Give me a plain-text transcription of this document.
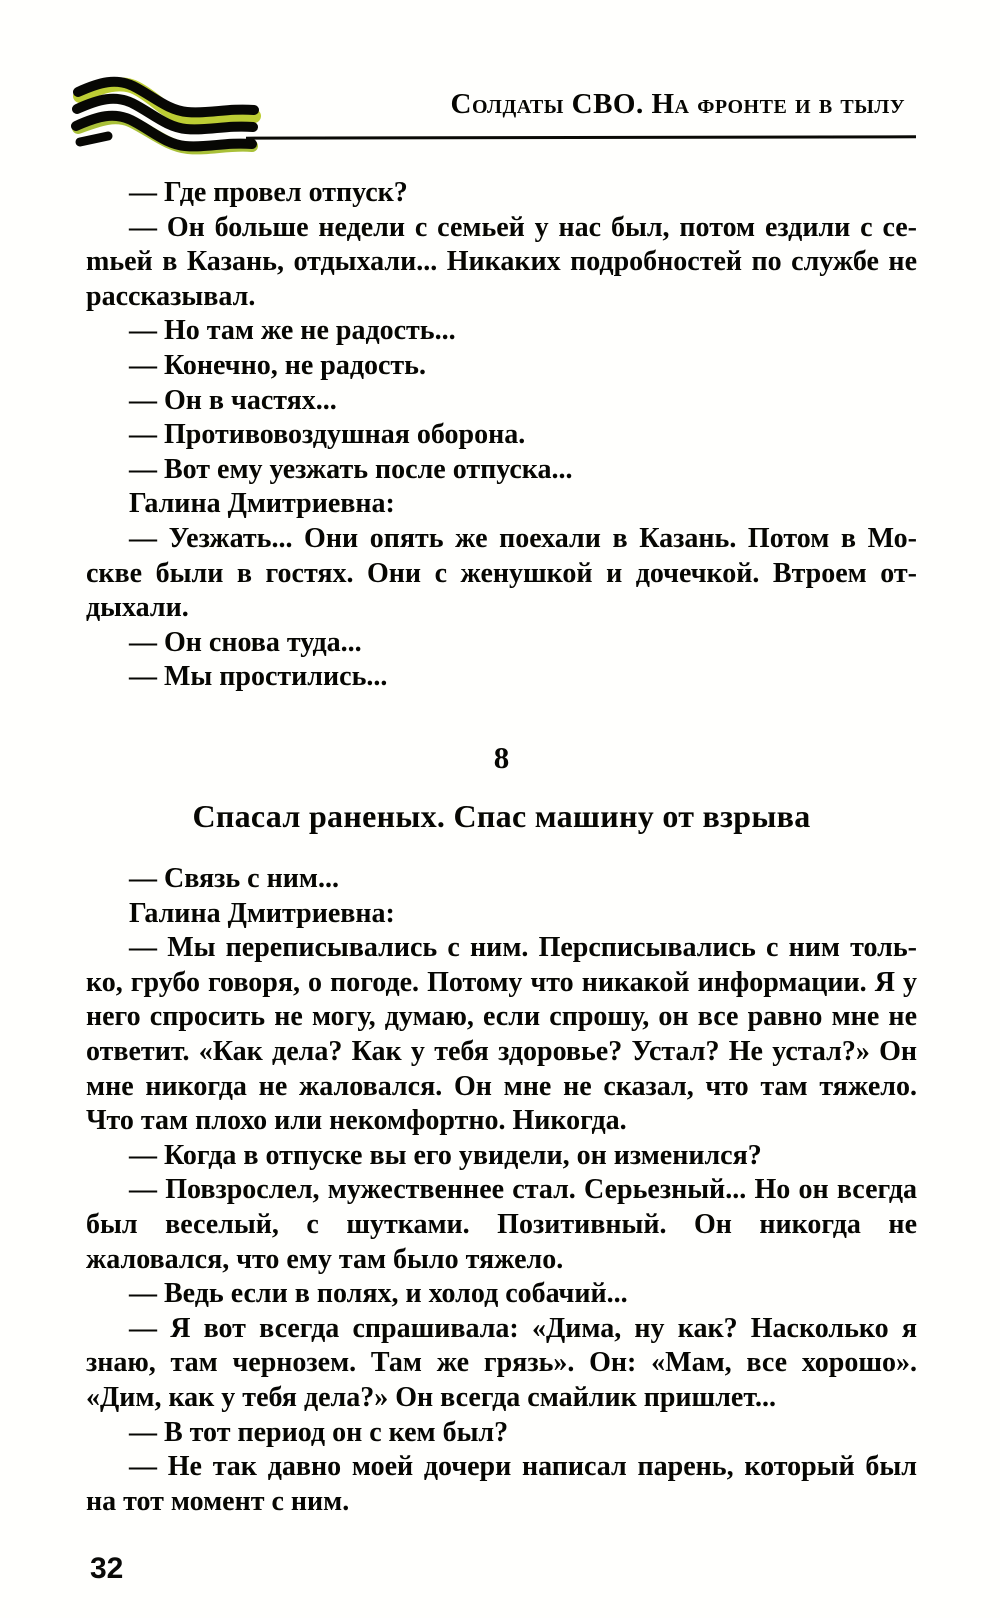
Солдаты СВО. На фронте и в тылу

— Где провел отпуск?

— Он больше недели с семьей у нас был, потом ездили с сеmьей в Казань, отдыхали... Никаких подробностей по службе не рассказывал.

— Но там же не радость...

— Конечно, не радость.

— Он в частях...

— Противовоздушная оборона.

— Вот ему уезжать после отпуска...

Галина Дмитриевна:

— Уезжать... Они опять же поехали в Казань. Потом в Москве были в гостях. Они с женушкой и дочечкой. Втроем отдыхали.

— Он снова туда...

— Мы простились...

8
Спасал раненых. Спас машину от взрыва

— Связь с ним...

Галина Дмитриевна:

— Мы переписывались с ним. Персписывались с ним только, грубо говоря, о погоде. Потому что никакой информации. Я у него спросить не могу, думаю, если спрошу, он все равно мне не ответит. «Как дела? Как у тебя здоровье? Устал? Не устал?» Он мне никогда не жаловался. Он мне не сказал, что там тяжело. Что там плохо или некомфортно. Никогда.

— Когда в отпуске вы его увидели, он изменился?

— Повзрослел, мужественнее стал. Серьезный... Но он всегда был веселый, с шутками. Позитивный. Он никогда не жаловался, что ему там было тяжело.

— Ведь если в полях, и холод собачий...

— Я вот всегда спрашивала: «Дима, ну как? Насколько я знаю, там чернозем. Там же грязь». Он: «Мам, все хорошо». «Дим, как у тебя дела?» Он всегда смайлик пришлет...

— В тот период он с кем был?

— Не так давно моей дочери написал парень, который был на тот момент с ним.

32
